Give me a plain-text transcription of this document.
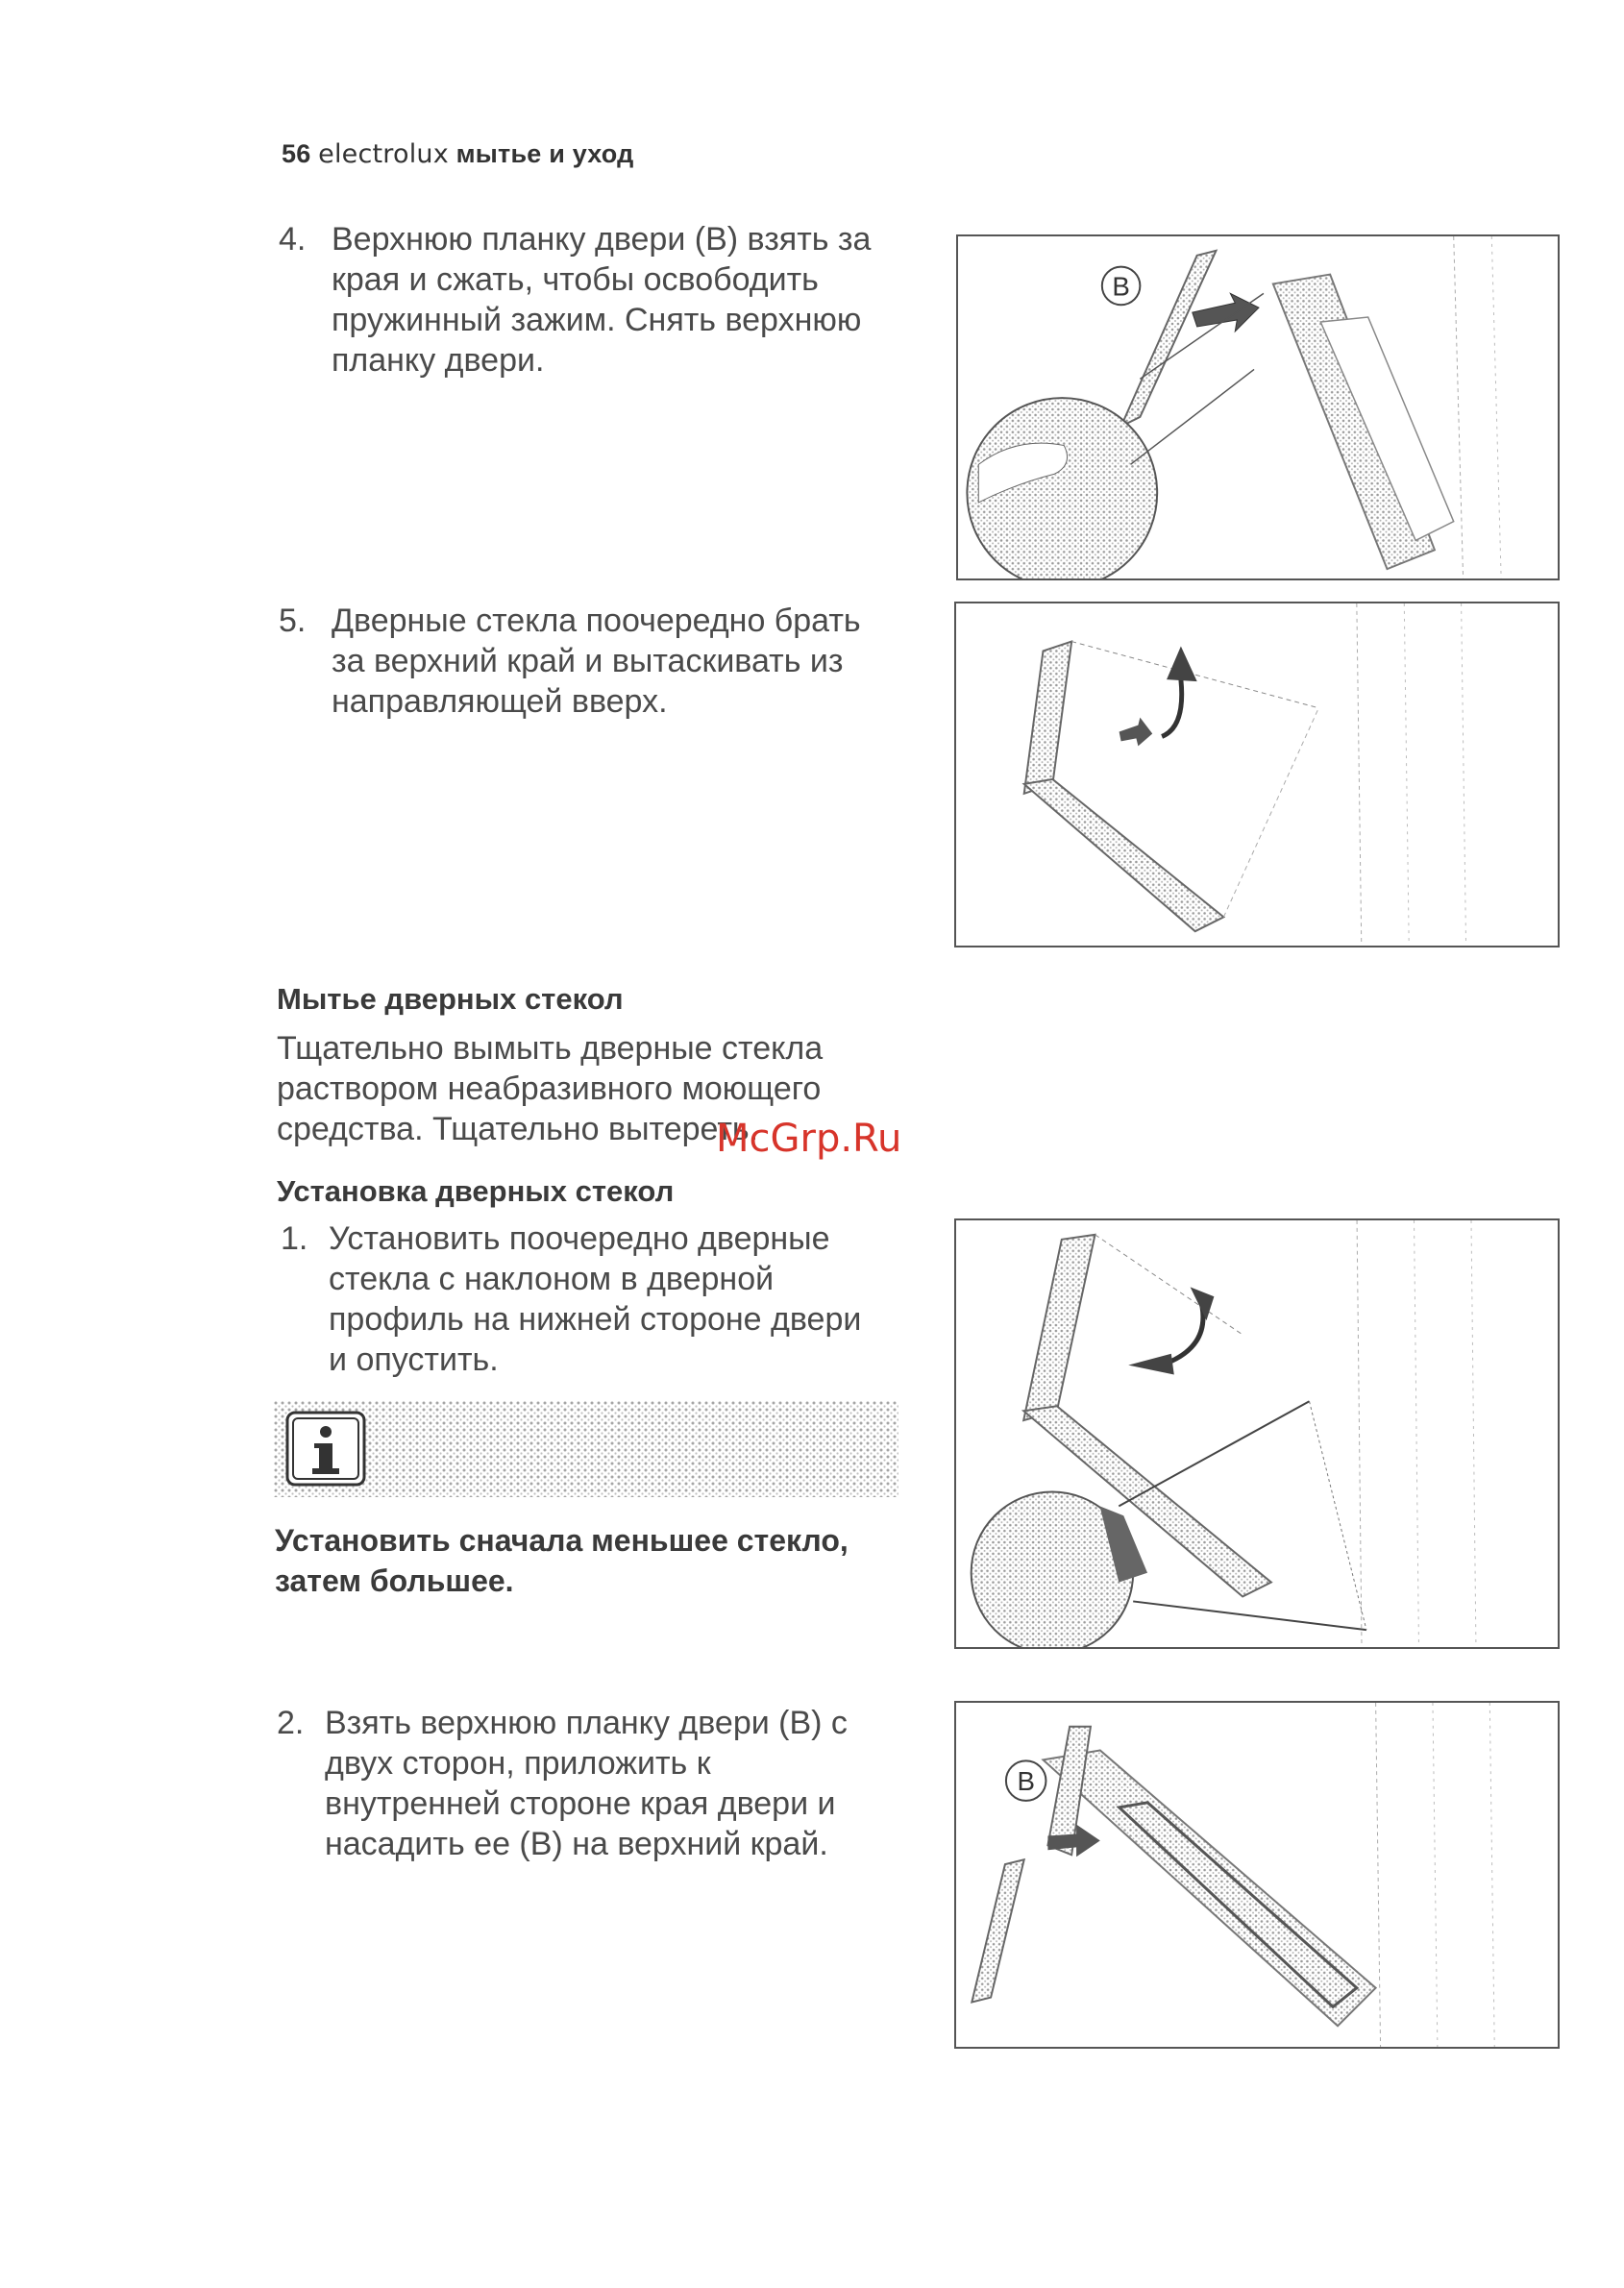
56 electrolux мытье и уход
4. Верхнюю планку двери (B) взять за
края и сжать, чтобы освободить
пружинный зажим. Снять верхнюю
планку двери.
B
5. Дверные стекла поочередно брать
за верхний край и вытаскивать из
направляющей вверх.
Мытье дверных стекол
Тщательно вымыть дверные стекла
раствором неабразивного моющего
средства. Тщательно вытереть.
McGrp.Ru
Установка дверных стекол
1. Установить поочередно дверные
стекла с наклоном в дверной
профиль на нижней стороне двери
и опустить.
Установить сначала меньшее стекло,
затем большее.
2. Взять верхнюю планку двери (B) с
двух сторон, приложить к
внутренней стороне края двери и
насадить ее (B) на верхний край.
B
